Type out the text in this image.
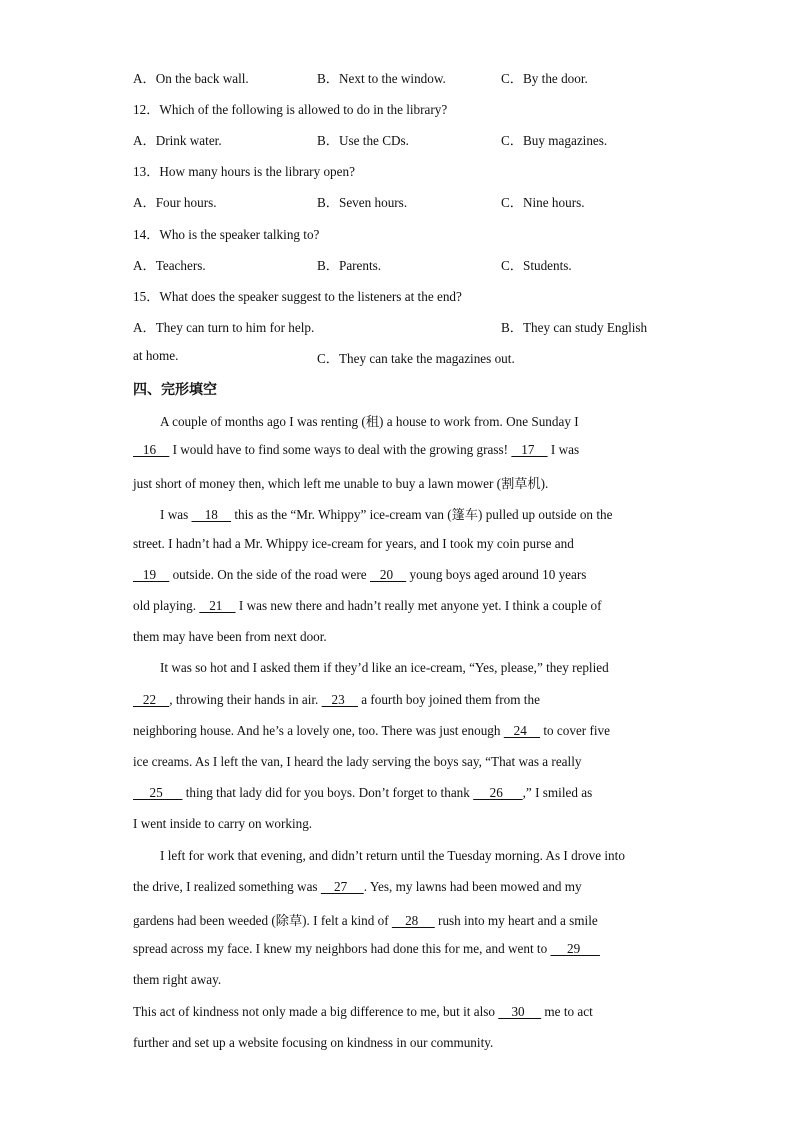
A．On the back wall.	B．Next to the window.	C．By the door.
12．Which of the following is allowed to do in the library?
A．Drink water.	B．Use the CDs.	C．Buy magazines.
13．How many hours is the library open?
A．Four hours.	B．Seven hours.	C．Nine hours.
14．Who is the speaker talking to?
A．Teachers.	B．Parents.	C．Students.
15．What does the speaker suggest to the listeners at the end?
A．They can turn to him for help.	B．They can study English
at home.	C．They can take the magazines out.
四、完形填空
A couple of months ago I was renting (租) a house to work from. One Sunday I
16     I would have to find some ways to deal with the growing grass!    17     I was
just short of money then, which left me unable to buy a lawn mower (割草机).
I was     18     this as the “Mr. Whippy” ice-cream van (篷车) pulled up outside on the
street. I hadn’t had a Mr. Whippy ice-cream for years, and I took my coin purse and
19     outside. On the side of the road were    20     young boys aged around 10 years
old playing.    21     I was new there and hadn’t really met anyone yet. I think a couple of
them may have been from next door.
It was so hot and I asked them if they’d like an ice-cream, “Yes, please,” they replied
22    , throwing their hands in air.    23     a fourth boy joined them from the
neighboring house. And he’s a lovely one, too. There was just enough    24     to cover five
ice creams. As I left the van, I heard the lady serving the boys say, “That was a really
25       thing that lady did for you boys. Don’t forget to thank      26      ,” I smiled as
I went inside to carry on working.
I left for work that evening, and didn’t return until the Tuesday morning. As I drove into
the drive, I realized something was     27     . Yes, my lawns had been mowed and my
gardens had been weeded (除草). I felt a kind of     28      rush into my heart and a smile
spread across my face. I knew my neighbors had done this for me, and went to      29
them right away.
This act of kindness not only made a big difference to me, but it also     30      me to act
further and set up a website focusing on kindness in our community.
